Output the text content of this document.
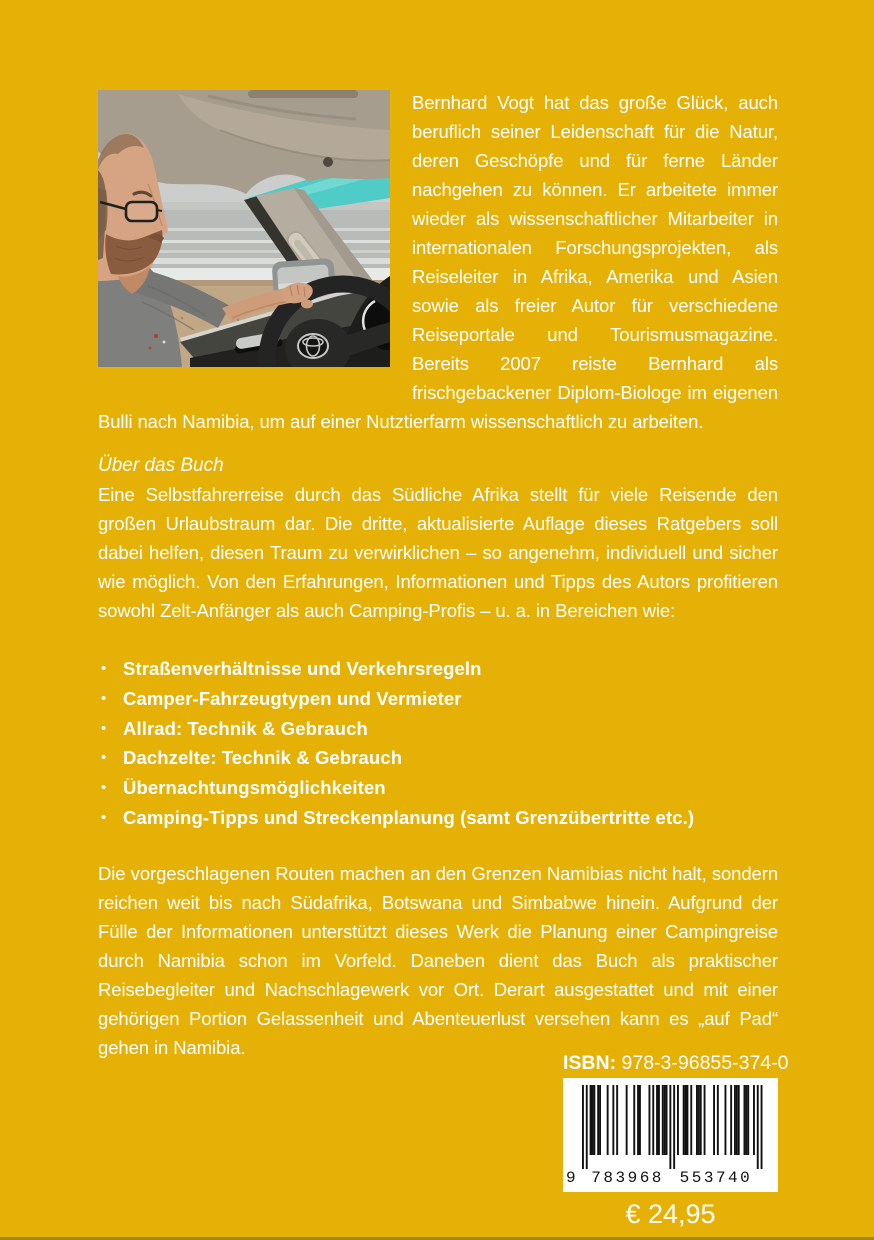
Bernhard Vogt hat das große Glück, auch beruflich seiner Leidenschaft für die Natur, deren Geschöpfe und für ferne Länder nachgehen zu können. Er arbeitete immer wieder als wissenschaftlicher Mitarbeiter in internationalen Forschungsprojekten, als Reiseleiter in Afrika, Amerika und Asien sowie als freier Autor für verschiedene Reiseportale und Tourismusmagazine. Bereits 2007 reiste Bernhard als frischgebackener Diplom-Biologe im eigenen Bulli nach Namibia, um auf einer Nutztierfarm wissenschaftlich zu arbeiten.

Über das Buch

Eine Selbstfahrerreise durch das Südliche Afrika stellt für viele Reisende den großen Urlaubstraum dar. Die dritte, aktualisierte Auflage dieses Ratgebers soll dabei helfen, diesen Traum zu verwirklichen – so angenehm, individuell und sicher wie möglich. Von den Erfahrungen, Informationen und Tipps des Autors profitieren sowohl Zelt-Anfänger als auch Camping-Profis – u. a. in Bereichen wie:

• Straßenverhältnisse und Verkehrsregeln
• Camper-Fahrzeugtypen und Vermieter
• Allrad: Technik & Gebrauch
• Dachzelte: Technik & Gebrauch
• Übernachtungsmöglichkeiten
• Camping-Tipps und Streckenplanung (samt Grenzübertritte etc.)

Die vorgeschlagenen Routen machen an den Grenzen Namibias nicht halt, sondern reichen weit bis nach Südafrika, Botswana und Simbabwe hinein. Aufgrund der Fülle der Informationen unterstützt dieses Werk die Planung einer Campingreise durch Namibia schon im Vorfeld. Daneben dient das Buch als praktischer Reisebegleiter und Nachschlagewerk vor Ort. Derart ausgestattet und mit einer gehörigen Portion Gelassenheit und Abenteuerlust versehen kann es „auf Pad“ gehen in Namibia.

ISBN: 978-3-96855-374-0
9 783968 553740
€ 24,95
